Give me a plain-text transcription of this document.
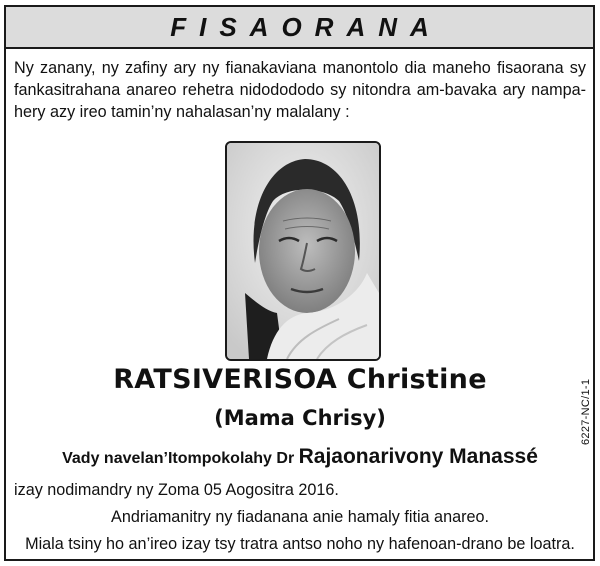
FISAORANA
Ny zanany, ny zafiny ary ny fianakaviana manontolo dia maneho fisaorana sy fankasitrahana anareo rehetra nidodododo sy nitondra am-bavaka ary nampa-hery azy ireo tamin’ny nahalasan’ny malalany :
RATSIVERISOA Christine
(Mama Chrisy)
Vady navelan’Itompokolahy Dr Rajaonarivony Manassé
izay nodimandry ny Zoma 05 Aogositra 2016.
Andriamanitry ny fiadanana anie hamaly fitia anareo.
Miala tsiny ho an’ireo izay tsy tratra antso noho ny hafenoan-drano be loatra.
6227-NC/1-1
